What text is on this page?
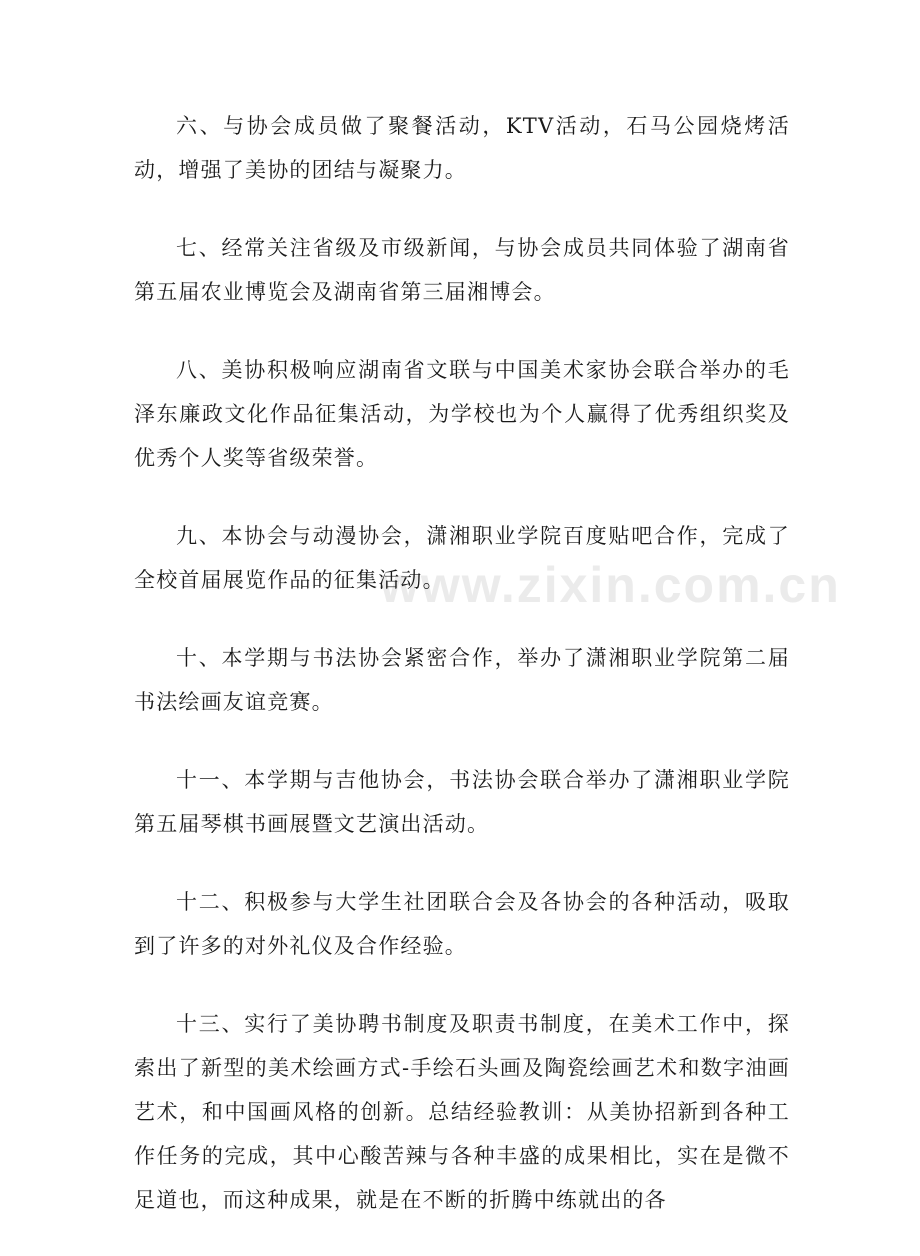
www.zixin.com.cn

六、与协会成员做了聚餐活动，KTV活动，石马公园烧烤活动，增强了美协的团结与凝聚力。

七、经常关注省级及市级新闻，与协会成员共同体验了湖南省第五届农业博览会及湖南省第三届湘博会。

八、美协积极响应湖南省文联与中国美术家协会联合举办的毛泽东廉政文化作品征集活动，为学校也为个人赢得了优秀组织奖及优秀个人奖等省级荣誉。

九、本协会与动漫协会，潇湘职业学院百度贴吧合作，完成了全校首届展览作品的征集活动。

十、本学期与书法协会紧密合作，举办了潇湘职业学院第二届书法绘画友谊竞赛。

十一、本学期与吉他协会，书法协会联合举办了潇湘职业学院第五届琴棋书画展暨文艺演出活动。

十二、积极参与大学生社团联合会及各协会的各种活动，吸取到了许多的对外礼仪及合作经验。

十三、实行了美协聘书制度及职责书制度，在美术工作中，探索出了新型的美术绘画方式-手绘石头画及陶瓷绘画艺术和数字油画艺术，和中国画风格的创新。总结经验教训：从美协招新到各种工作任务的完成，其中心酸苦辣与各种丰盛的成果相比，实在是微不足道也，而这种成果，就是在不断的折腾中练就出的各
